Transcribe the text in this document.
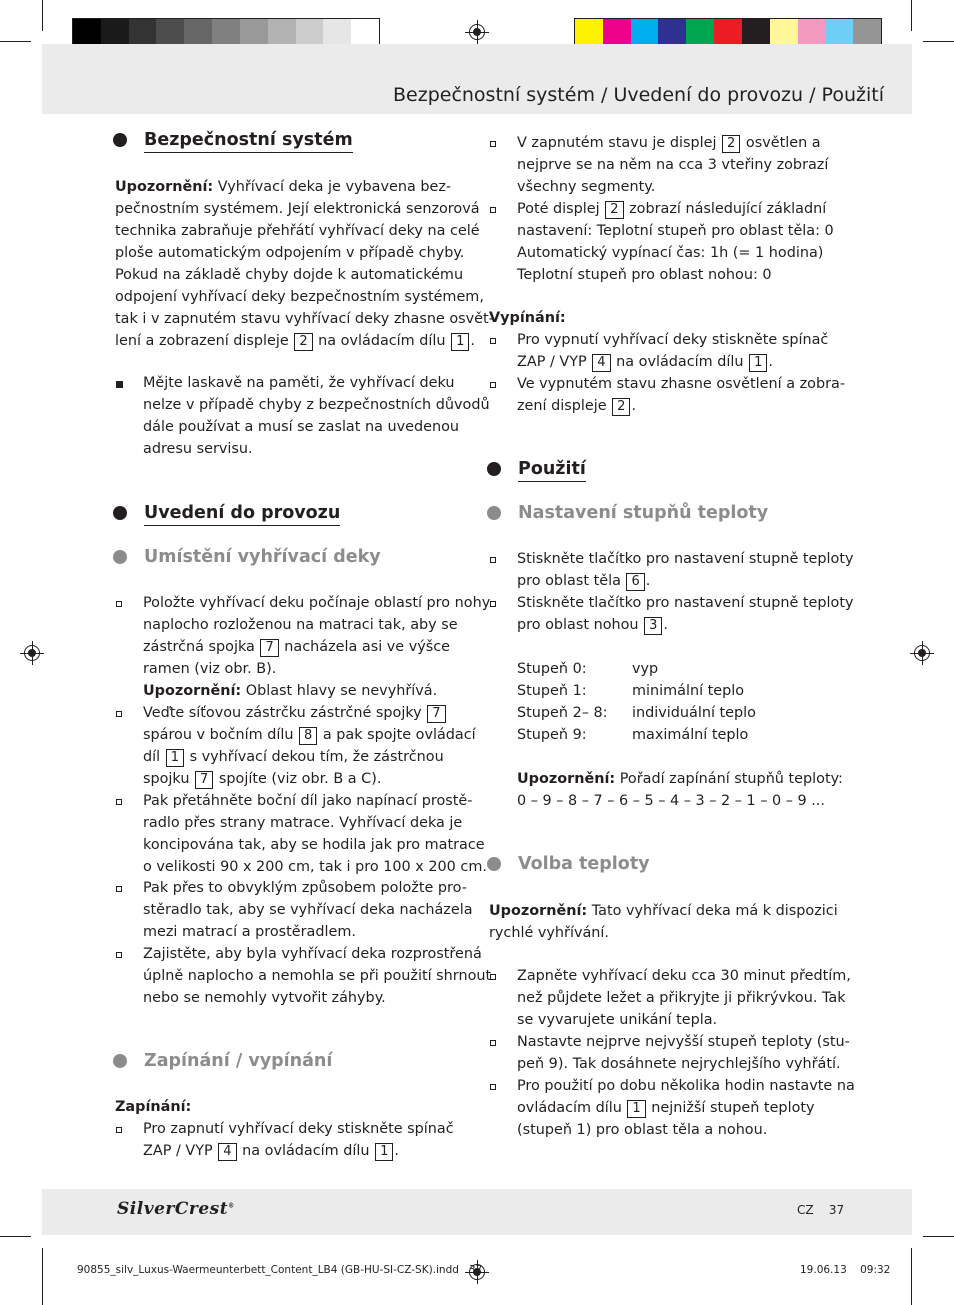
Bezpečnostní systém / Uvedení do provozu / Použití
Bezpečnostní systém
Upozornění: Vyhřívací deka je vybavena bez-
pečnostním systémem. Její elektronická senzorová
technika zabraňuje přehřátí vyhřívací deky na celé
ploše automatickým odpojením v případě chyby.
Pokud na základě chyby dojde k automatickému
odpojení vyhřívací deky bezpečnostním systémem,
tak i v zapnutém stavu vyhřívací deky zhasne osvět-
lení a zobrazení displeje 2 na ovládacím dílu 1 .
Mějte laskavě na paměti, že vyhřívací deku
nelze v případě chyby z bezpečnostních důvodů
dále používat a musí se zaslat na uvedenou
adresu servisu.
Uvedení do provozu
Umístění vyhřívací deky
Položte vyhřívací deku počínaje oblastí pro nohy
naplocho rozloženou na matraci tak, aby se
zástrčná spojka 7 nacházela asi ve výšce
ramen (viz obr. B).
Upozornění: Oblast hlavy se nevyhřívá.
Veďte síťovou zástrčku zástrčné spojky 7
spárou v bočním dílu 8 a pak spojte ovládací
díl 1 s vyhřívací dekou tím, že zástrčnou
spojku 7 spojíte (viz obr. B a C).
Pak přetáhněte boční díl jako napínací prostě-
radlo přes strany matrace. Vyhřívací deka je
koncipována tak, aby se hodila jak pro matrace
o velikosti 90 x 200 cm, tak i pro 100 x 200 cm.
Pak přes to obvyklým způsobem položte pro-
stěradlo tak, aby se vyhřívací deka nacházela
mezi matrací a prostěradlem.
Zajistěte, aby byla vyhřívací deka rozprostřená
úplně naplocho a nemohla se při použití shrnout
nebo se nemohly vytvořit záhyby.
Zapínání / vypínání
Zapínání:
Pro zapnutí vyhřívací deky stiskněte spínač
ZAP / VYP 4 na ovládacím dílu 1 .
V zapnutém stavu je displej 2 osvětlen a
nejprve se na něm na cca 3 vteřiny zobrazí
všechny segmenty.
Poté displej 2 zobrazí následující základní
nastavení: Teplotní stupeň pro oblast těla: 0
Automatický vypínací čas: 1h (= 1 hodina)
Teplotní stupeň pro oblast nohou: 0
Vypínání:
Pro vypnutí vyhřívací deky stiskněte spínač
ZAP / VYP 4 na ovládacím dílu 1 .
Ve vypnutém stavu zhasne osvětlení a zobra-
zení displeje 2 .
Použití
Nastavení stupňů teploty
Stiskněte tlačítko pro nastavení stupně teploty
pro oblast těla 6 .
Stiskněte tlačítko pro nastavení stupně teploty
pro oblast nohou 3 .
Stupeň 0:	vyp
Stupeň 1:	minimální teplo
Stupeň 2– 8: individuální teplo
Stupeň 9:	maximální teplo
Upozornění: Pořadí zapínání stupňů teploty:
0 – 9 – 8 – 7 – 6 – 5 – 4 – 3 – 2 – 1 – 0 – 9 ...
Volba teploty
Upozornění: Tato vyhřívací deka má k dispozici
rychlé vyhřívání.
Zapněte vyhřívací deku cca 30 minut předtím,
než půjdete ležet a přikryjte ji přikrývkou. Tak
se vyvarujete unikání tepla.
Nastavte nejprve nejvyšší stupeň teploty (stu-
peň 9). Tak dosáhnete nejrychlejšího vyhřátí.
Pro použití po dobu několika hodin nastavte na
ovládacím dílu 1 nejnižší stupeň teploty
(stupeň 1) pro oblast těla a nohou.
SilverCrest®	CZ    37
90855_silv_Luxus-Waermeunterbett_Content_LB4 (GB-HU-SI-CZ-SK).indd   37	19.06.13    09:32
